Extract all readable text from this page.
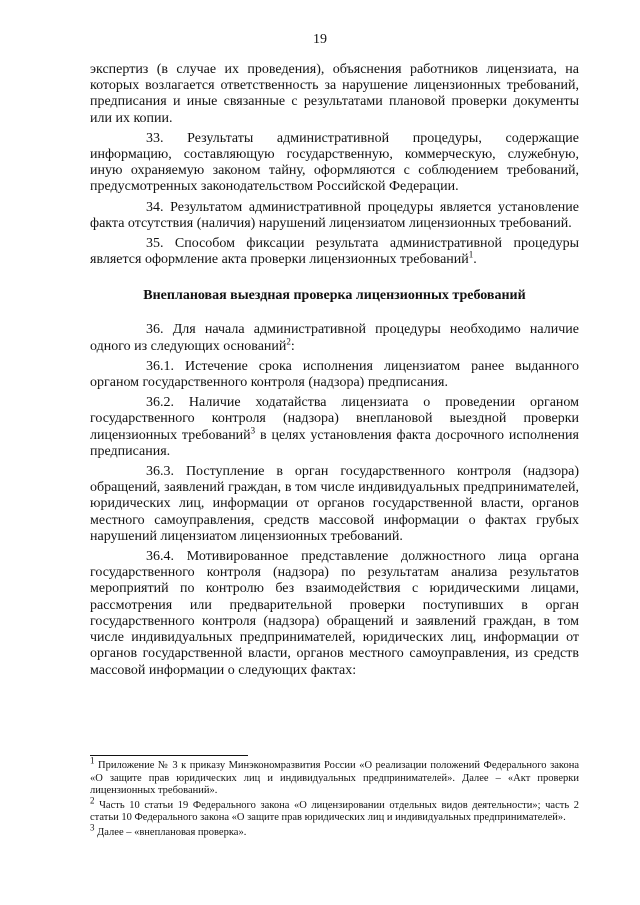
19

экспертиз (в случае их проведения), объяснения работников лицензиата, на которых возлагается ответственность за нарушение лицензионных требований, предписания и иные связанные с результатами плановой проверки документы или их копии.

33. Результаты административной процедуры, содержащие информацию, составляющую государственную, коммерческую, служебную, иную охраняемую законом тайну, оформляются с соблюдением требований, предусмотренных законодательством Российской Федерации.

34. Результатом административной процедуры является установление факта отсутствия (наличия) нарушений лицензиатом лицензионных требований.

35. Способом фиксации результата административной процедуры является оформление акта проверки лицензионных требований$^1$.

Внеплановая выездная проверка лицензионных требований

36. Для начала административной процедуры необходимо наличие одного из следующих оснований$^2$:

36.1. Истечение срока исполнения лицензиатом ранее выданного органом государственного контроля (надзора) предписания.

36.2. Наличие ходатайства лицензиата о проведении органом государственного контроля (надзора) внеплановой выездной проверки лицензионных требований$^3$ в целях установления факта досрочного исполнения предписания.

36.3. Поступление в орган государственного контроля (надзора) обращений, заявлений граждан, в том числе индивидуальных предпринимателей, юридических лиц, информации от органов государственной власти, органов местного самоуправления, средств массовой информации о фактах грубых нарушений лицензиатом лицензионных требований.

36.4. Мотивированное представление должностного лица органа государственного контроля (надзора) по результатам анализа результатов мероприятий по контролю без взаимодействия с юридическими лицами, рассмотрения или предварительной проверки поступивших в орган государственного контроля (надзора) обращений и заявлений граждан, в том числе индивидуальных предпринимателей, юридических лиц, информации от органов государственной власти, органов местного самоуправления, из средств массовой информации о следующих фактах:

$^1$ Приложение № 3 к приказу Минэкономразвития России «О реализации положений Федерального закона «О защите прав юридических лиц и индивидуальных предпринимателей». Далее – «Акт проверки лицензионных требований».

$^2$ Часть 10 статьи 19 Федерального закона «О лицензировании отдельных видов деятельности»; часть 2 статьи 10 Федерального закона «О защите прав юридических лиц и индивидуальных предпринимателей».

$^3$ Далее – «внеплановая проверка».
